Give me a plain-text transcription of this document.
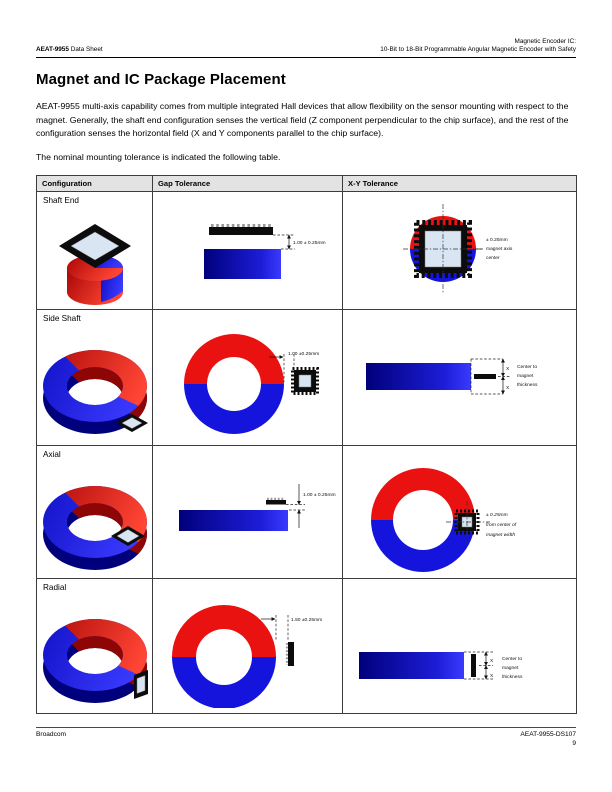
AEAT-9955 Data Sheet
Magnetic Encoder IC:
10-Bit to 18-Bit Programmable Angular Magnetic Encoder with Safety
Magnet and IC Package Placement

AEAT-9955 multi-axis capability comes from multiple integrated Hall devices that allow flexibility on the sensor mounting with respect to the magnet. Generally, the shaft end configuration senses the vertical field (Z component perpendicular to the chip surface), and the rest of the configuration senses the horizontal field (X and Y components parallel to the chip surface).

The nominal mounting tolerance is indicated the following table.

Configuration	Gap Tolerance	X-Y Tolerance

Shaft End	1.00 ± 0.25mm	± 0.25mm
magnet axis
center

Side Shaft	1.00 ±0.25mm	X
X
Center to
magnet
thickness

Axial	1.00 ± 0.25mm	± 0.25mm
from center of
magnet width

Radial	1.50 ±0.25mm	X
X
Center to
magnet
thickness
Broadcom	AEAT-9955-DS107
9
